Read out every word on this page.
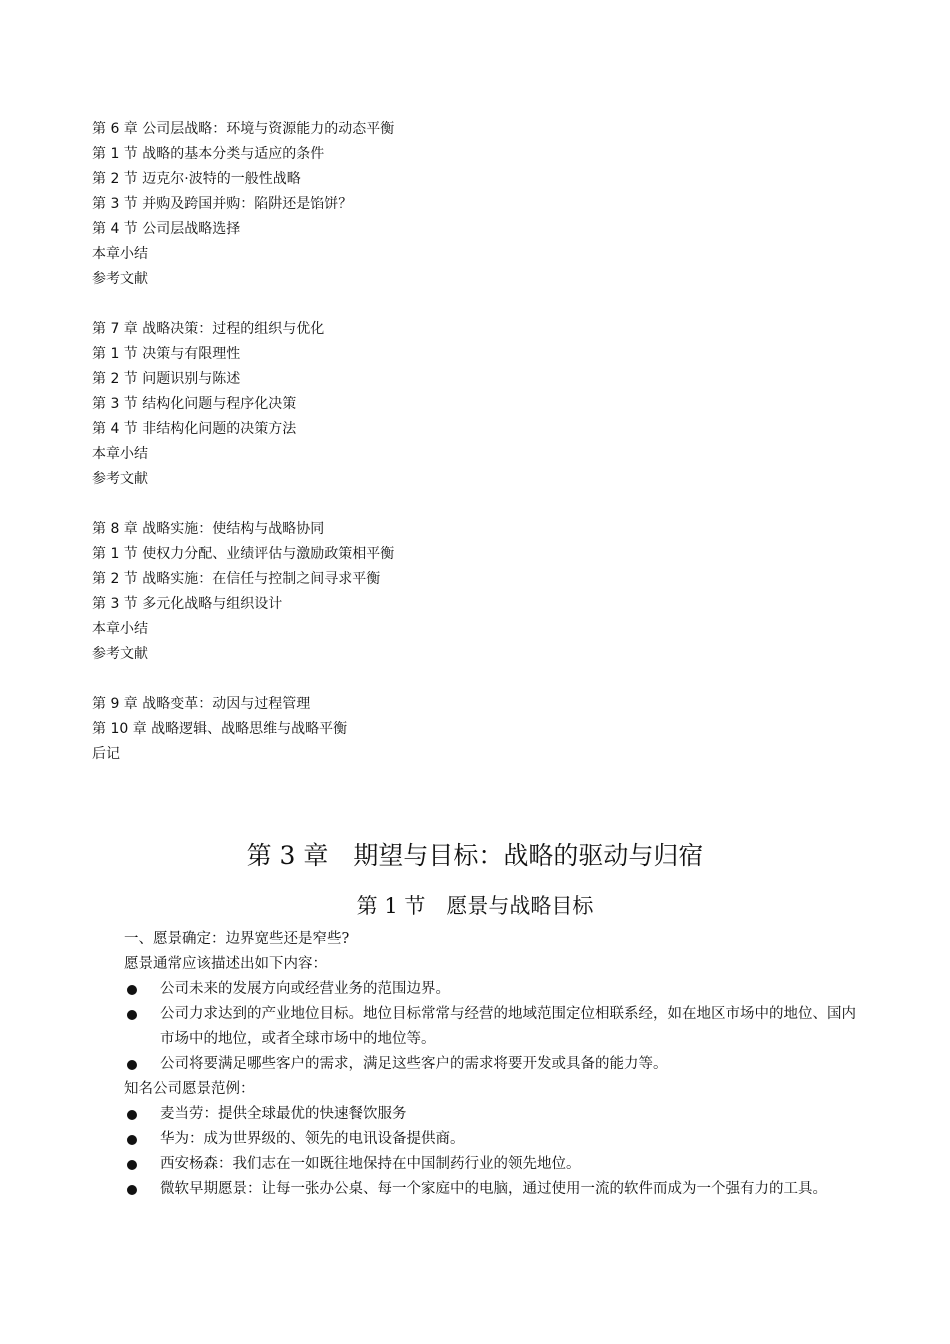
第 6 章 公司层战略：环境与资源能力的动态平衡
第 1 节 战略的基本分类与适应的条件
第 2 节 迈克尔·波特的一般性战略
第 3 节 并购及跨国并购：陷阱还是馅饼？
第 4 节 公司层战略选择
本章小结
参考文献
第 7 章 战略决策：过程的组织与优化
第 1 节 决策与有限理性
第 2 节 问题识别与陈述
第 3 节 结构化问题与程序化决策
第 4 节 非结构化问题的决策方法
本章小结
参考文献
第 8 章 战略实施：使结构与战略协同
第 1 节 使权力分配、业绩评估与激励政策相平衡
第 2 节 战略实施：在信任与控制之间寻求平衡
第 3 节 多元化战略与组织设计
本章小结
参考文献
第 9 章 战略变革：动因与过程管理
第 10 章 战略逻辑、战略思维与战略平衡
后记
第 3 章　期望与目标：战略的驱动与归宿
第 1 节　愿景与战略目标
一、愿景确定：边界宽些还是窄些?
愿景通常应该描述出如下内容：
公司未来的发展方向或经营业务的范围边界。
公司力求达到的产业地位目标。地位目标常常与经营的地域范围定位相联系经，如在地区市场中的地位、国内市场中的地位，或者全球市场中的地位等。
公司将要满足哪些客户的需求，满足这些客户的需求将要开发或具备的能力等。
知名公司愿景范例：
麦当劳：提供全球最优的快速餐饮服务
华为：成为世界级的、领先的电讯设备提供商。
西安杨森：我们志在一如既往地保持在中国制药行业的领先地位。
微软早期愿景：让每一张办公桌、每一个家庭中的电脑，通过使用一流的软件而成为一个强有力的工具。
